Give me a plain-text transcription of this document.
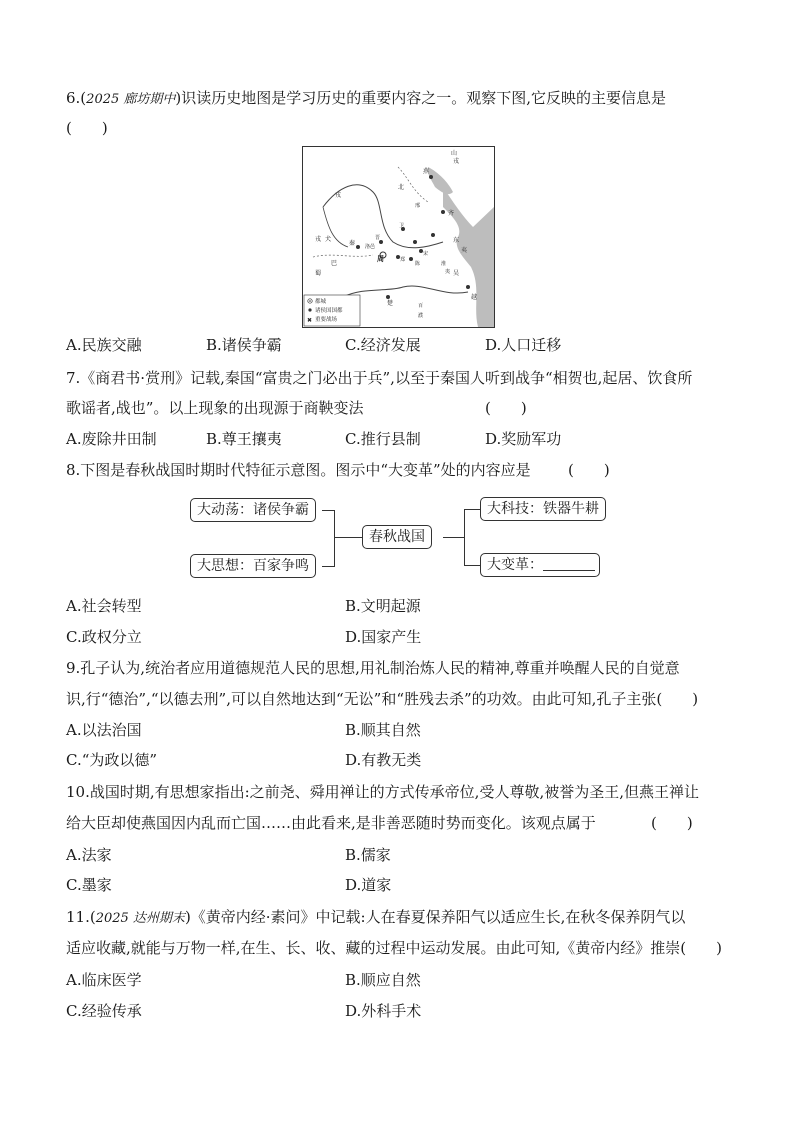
6.(2025 廊坊期中)识读历史地图是学习历史的重要内容之一。观察下图,它反映的主要信息是
(　　)
山
戎
北
戎
燕
齐
卫
晋
秦 洛邑
周	郑
陈
宋
楚
吴
越
百
濮
戎 犬
邢
东
夷
淮
夷
巴
蜀
都城
诸侯国国都
✖ 重要战场
A.民族交融	B.诸侯争霸	C.经济发展	D.人口迁移
7.《商君书·赏刑》记载,秦国“富贵之门必出于兵”,以至于秦国人听到战争“相贺也,起居、饮食所
歌谣者,战也”。以上现象的出现源于商鞅变法	(　　)
A.废除井田制	B.尊王攘夷	C.推行县制	D.奖励军功
8.下图是春秋战国时期时代特征示意图。图示中“大变革”处的内容应是 (　　)
大动荡：诸侯争霸
大思想：百家争鸣
春秋战国
大科技：铁器牛耕
大变革：
A.社会转型	B.文明起源
C.政权分立	D.国家产生
9.孔子认为,统治者应用道德规范人民的思想,用礼制治炼人民的精神,尊重并唤醒人民的自觉意
识,行“德治”,“以德去刑”,可以自然地达到“无讼”和“胜残去杀”的功效。由此可知,孔子主张(　　)
A.以法治国	B.顺其自然
C.“为政以德”	D.有教无类
10.战国时期,有思想家指出:之前尧、舜用禅让的方式传承帝位,受人尊敬,被誉为圣王,但燕王禅让
给大臣却使燕国因内乱而亡国……由此看来,是非善恶随时势而变化。该观点属于	(　　)
A.法家	B.儒家
C.墨家	D.道家
11.(2025 达州期末)《黄帝内经·素问》中记载:人在春夏保养阳气以适应生长,在秋冬保养阴气以
适应收藏,就能与万物一样,在生、长、收、藏的过程中运动发展。由此可知,《黄帝内经》推崇(　　)
A.临床医学	B.顺应自然
C.经验传承	D.外科手术
